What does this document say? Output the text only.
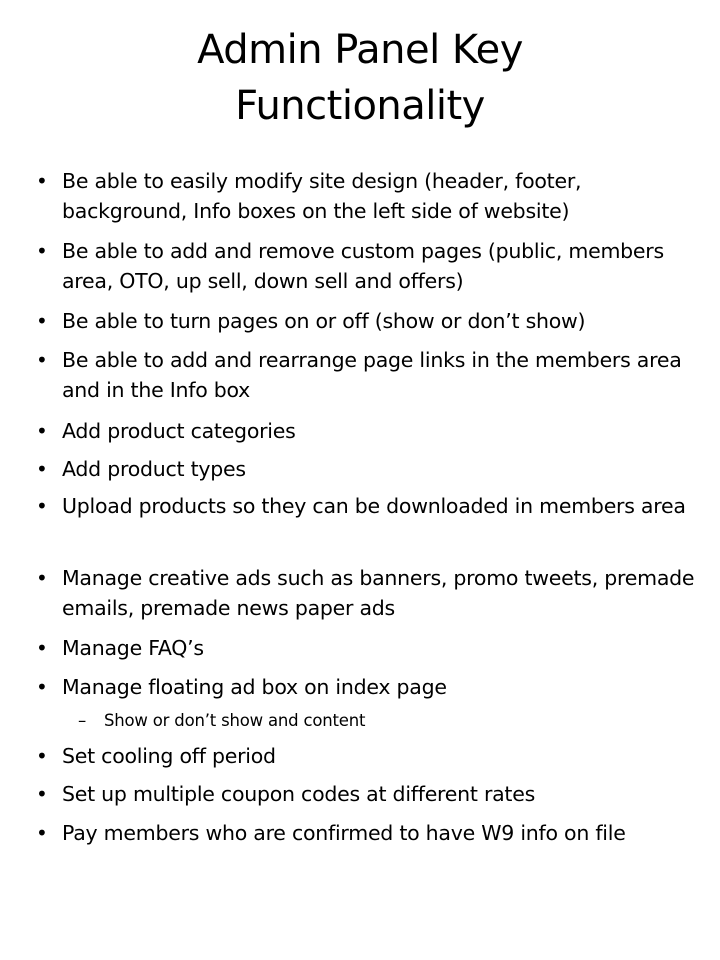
Admin Panel Key
Functionality
• Be able to easily modify site design (header, footer, background, Info boxes on the left side of website)
• Be able to add and remove custom pages (public, members area, OTO, up sell, down sell and offers)
• Be able to turn pages on or off (show or don’t show)
• Be able to add and rearrange page links in the members area and in the Info box
• Add product categories
• Add product types
• Upload products so they can be downloaded in members area
• Manage creative ads such as banners, promo tweets, premade emails, premade news paper ads
• Manage FAQ’s
• Manage floating ad box on index page
– Show or don’t show and content
• Set cooling off period
• Set up multiple coupon codes at different rates
• Pay members who are confirmed to have W9 info on file
